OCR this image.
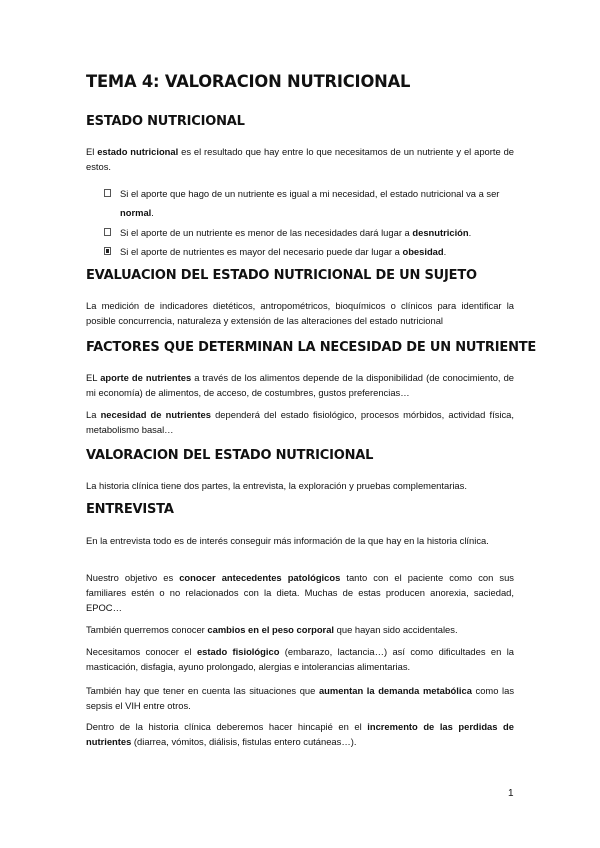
TEMA 4: VALORACION NUTRICIONAL
ESTADO NUTRICIONAL

El estado nutricional es el resultado que hay entre lo que necesitamos de un nutriente y el aporte de estos.

Si el aporte que hago de un nutriente es igual a mi necesidad, el estado nutricional va a ser normal.
Si el aporte de un nutriente es menor de las necesidades dará lugar a desnutrición.
Si el aporte de nutrientes es mayor del necesario puede dar lugar a obesidad.
EVALUACION DEL ESTADO NUTRICIONAL DE UN SUJETO

La medición de indicadores dietéticos, antropométricos, bioquímicos o clínicos para identificar la posible concurrencia, naturaleza y extensión de las alteraciones del estado nutricional

FACTORES QUE DETERMINAN LA NECESIDAD DE UN NUTRIENTE

EL aporte de nutrientes a través de los alimentos depende de la disponibilidad (de conocimiento, de mi economía) de alimentos, de acceso, de costumbres, gustos preferencias…

La necesidad de nutrientes dependerá del estado fisiológico, procesos mórbidos, actividad física, metabolismo basal…

VALORACION DEL ESTADO NUTRICIONAL

La historia clínica tiene dos partes, la entrevista, la exploración y pruebas complementarias.

ENTREVISTA

En la entrevista todo es de interés conseguir más información de la que hay en la historia clínica.

Nuestro objetivo es conocer antecedentes patológicos tanto con el paciente como con sus familiares estén o no relacionados con la dieta. Muchas de estas producen anorexia, saciedad, EPOC…

También querremos conocer cambios en el peso corporal que hayan sido accidentales.

Necesitamos conocer el estado fisiológico (embarazo, lactancia…) así como dificultades en la masticación, disfagia, ayuno prolongado, alergias e intolerancias alimentarias.

También hay que tener en cuenta las situaciones que aumentan la demanda metabólica como las sepsis el VIH entre otros.

Dentro de la historia clínica deberemos hacer hincapié en el incremento de las perdidas de nutrientes (diarrea, vómitos, diálisis, fistulas entero cutáneas…).

1
